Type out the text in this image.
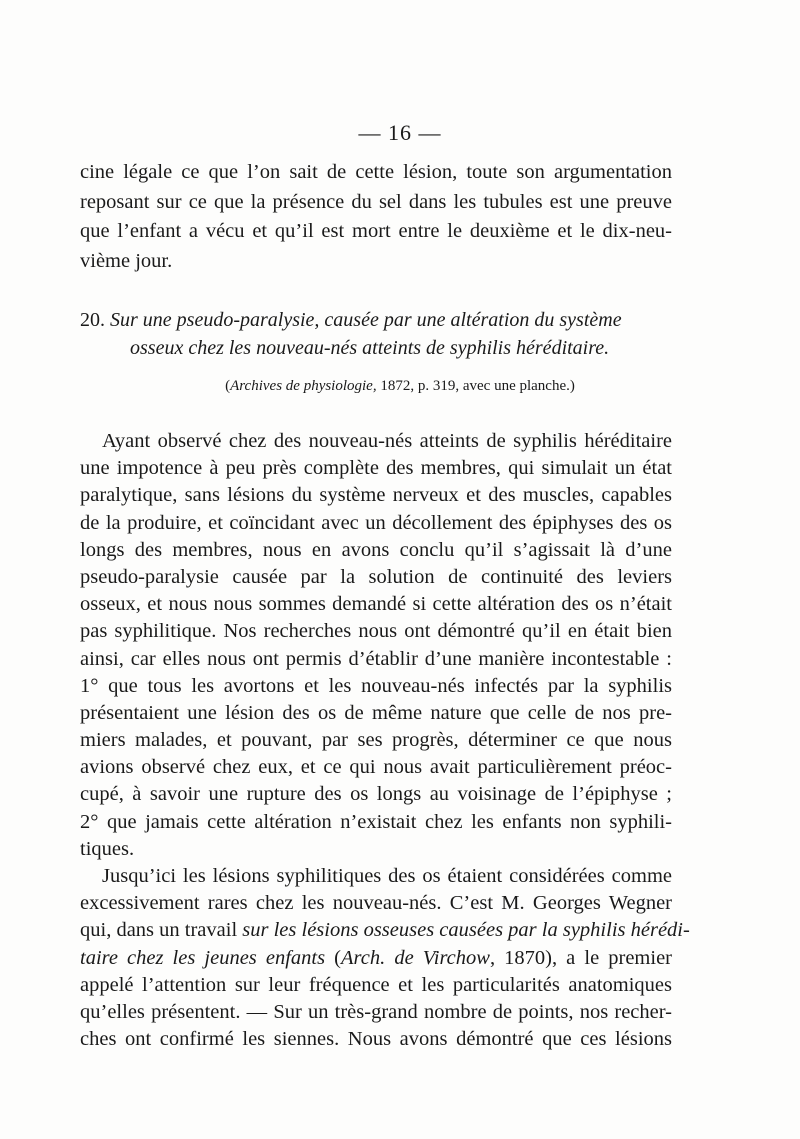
— 16 —
cine légale ce que l’on sait de cette lésion, toute son argumentation
reposant sur ce que la présence du sel dans les tubules est une preuve
que l’enfant a vécu et qu’il est mort entre le deuxième et le dix-neu-
vième jour.
20. Sur une pseudo-paralysie, causée par une altération du système
osseux chez les nouveau-nés atteints de syphilis héréditaire.
(Archives de physiologie, 1872, p. 319, avec une planche.)
Ayant observé chez des nouveau-nés atteints de syphilis héréditaire
une impotence à peu près complète des membres, qui simulait un état
paralytique, sans lésions du système nerveux et des muscles, capables
de la produire, et coïncidant avec un décollement des épiphyses des os
longs des membres, nous en avons conclu qu’il s’agissait là d’une
pseudo-paralysie causée par la solution de continuité des leviers
osseux, et nous nous sommes demandé si cette altération des os n’était
pas syphilitique. Nos recherches nous ont démontré qu’il en était bien
ainsi, car elles nous ont permis d’établir d’une manière incontestable :
1° que tous les avortons et les nouveau-nés infectés par la syphilis
présentaient une lésion des os de même nature que celle de nos pre-
miers malades, et pouvant, par ses progrès, déterminer ce que nous
avions observé chez eux, et ce qui nous avait particulièrement préoc-
cupé, à savoir une rupture des os longs au voisinage de l’épiphyse ;
2° que jamais cette altération n’existait chez les enfants non syphili-
tiques.
Jusqu’ici les lésions syphilitiques des os étaient considérées comme
excessivement rares chez les nouveau-nés. C’est M. Georges Wegner
qui, dans un travail sur les lésions osseuses causées par la syphilis hérédi-
taire chez les jeunes enfants (Arch. de Virchow, 1870), a le premier
appelé l’attention sur leur fréquence et les particularités anatomiques
qu’elles présentent. — Sur un très-grand nombre de points, nos recher-
ches ont confirmé les siennes. Nous avons démontré que ces lésions
